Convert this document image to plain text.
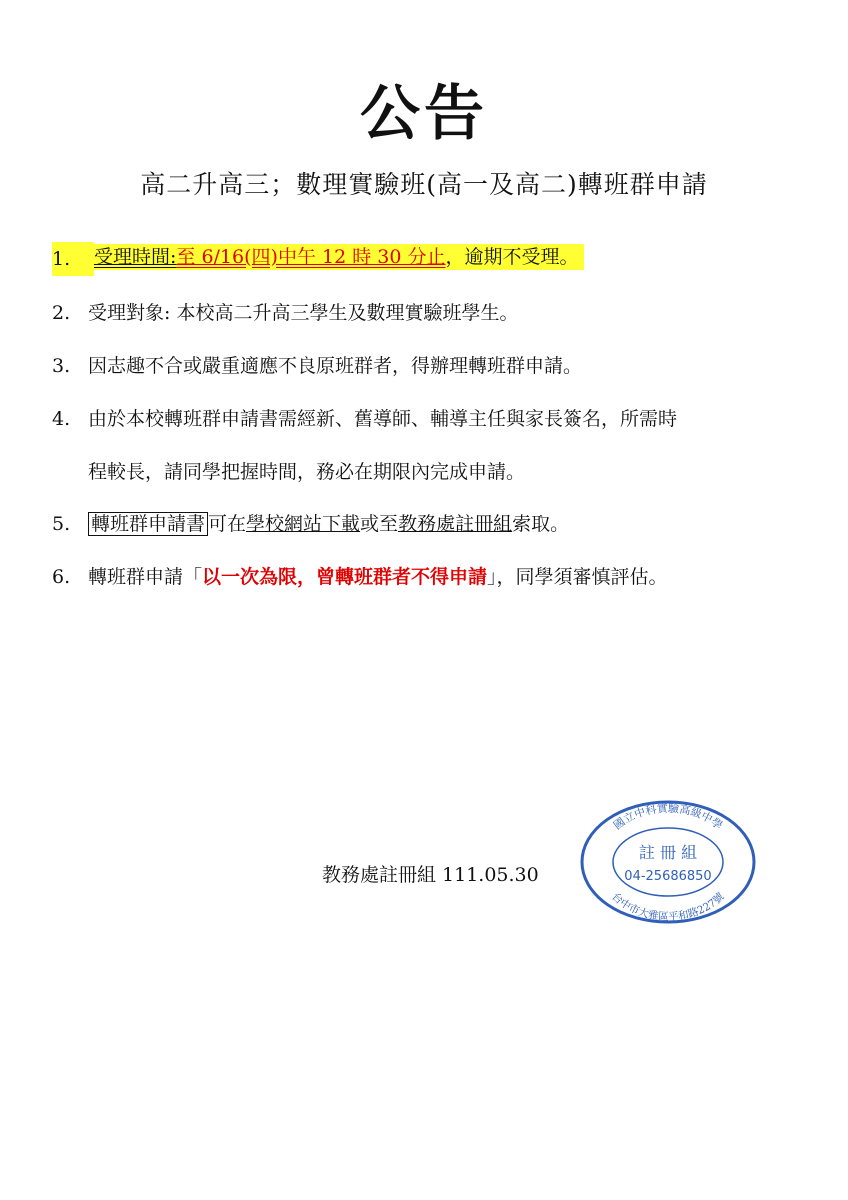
公告
高二升高三；數理實驗班(高一及高二)轉班群申請
1.	受理時間:至 6/16(四)中午 12 時 30 分止，逾期不受理。
2. 受理對象: 本校高二升高三學生及數理實驗班學生。
3. 因志趣不合或嚴重適應不良原班群者，得辦理轉班群申請。
4. 由於本校轉班群申請書需經新、舊導師、輔導主任與家長簽名，所需時
程較長，請同學把握時間，務必在期限內完成申請。
5.	轉班群申請書 可在學校網站下載或至教務處註冊組索取。
6. 轉班群申請「以一次為限，曾轉班群者不得申請」，同學須審慎評估。
教務處註冊組 111.05.30
國立中科實驗高級中學
台中市大雅區平和路227號
註 冊 組
04-25686850
